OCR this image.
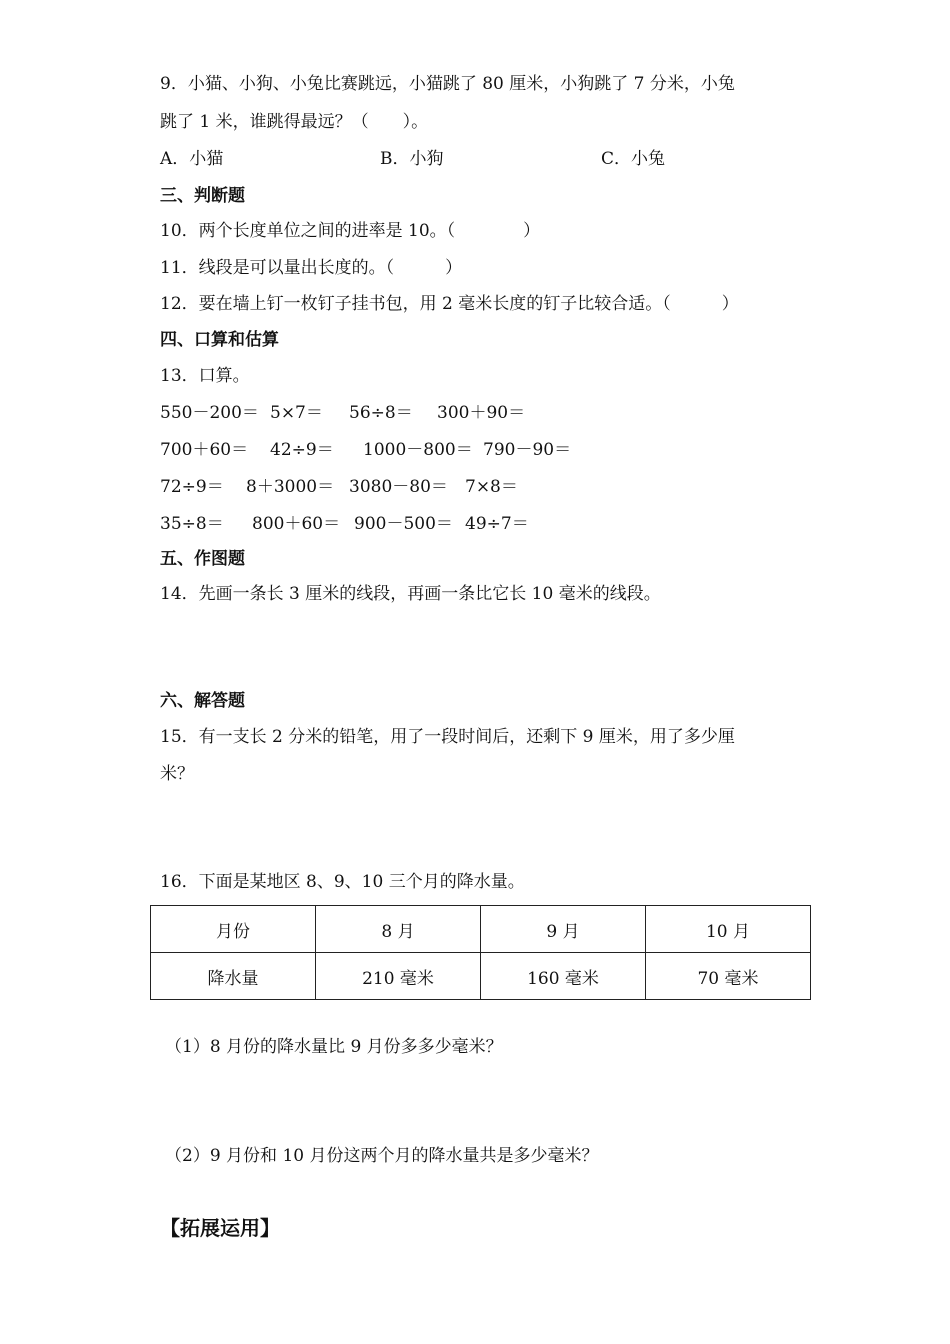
9．小猫、小狗、小兔比赛跳远，小猫跳了 80 厘米，小狗跳了 7 分米，小兔
跳了 1 米，谁跳得最远？（　　）。
A．小猫	B．小狗	C．小兔
三、判断题
10．两个长度单位之间的进率是 10。（　　　　）
11．线段是可以量出长度的。（　　　）
12．要在墙上钉一枚钉子挂书包，用 2 毫米长度的钉子比较合适。（　　　）
四、口算和估算
13．口算。
550－200＝ 5×7＝ 56÷8＝ 300＋90＝
700＋60＝ 42÷9＝ 1000－800＝ 790－90＝
72÷9＝ 8＋3000＝ 3080－80＝ 7×8＝
35÷8＝ 800＋60＝ 900－500＝ 49÷7＝
五、作图题
14．先画一条长 3 厘米的线段，再画一条比它长 10 毫米的线段。
六、解答题
15．有一支长 2 分米的铅笔，用了一段时间后，还剩下 9 厘米，用了多少厘
米？
16．下面是某地区 8、9、10 三个月的降水量。
月份	8 月	9 月	10 月
降水量	210 毫米	160 毫米	70 毫米
（1）8 月份的降水量比 9 月份多多少毫米？
（2）9 月份和 10 月份这两个月的降水量共是多少毫米？
【拓展运用】
